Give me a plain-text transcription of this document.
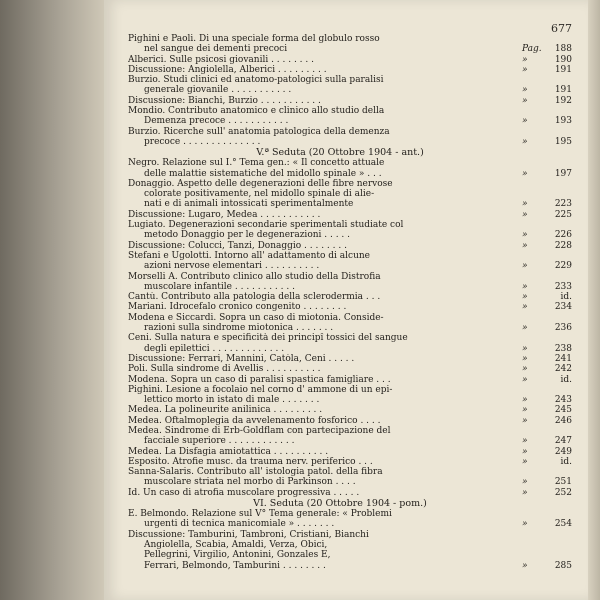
677
Pighini e Paoli. Di una speciale forma del globulo rosso
nel sangue dei dementi precoci	Pag.	188
Alberici. Sulle psicosi giovanili . . . . . . . .	»	190
Discussione: Angiolella, Alberici . . . . . . . . .	»	191
Burzio. Studi clinici ed anatomo-patologici sulla paralisi
generale giovanile . . . . . . . . . . .	»	191
Discussione: Bianchi, Burzio . . . . . . . . . . .	»	192
Mondio. Contributo anatomico e clinico allo studio della
Demenza precoce . . . . . . . . . . .	»	193
Burzio. Ricerche sull' anatomia patologica della demenza
precoce . . . . . . . . . . . . . .	»	195
V.ª Seduta (20 Ottobre 1904 - ant.)
Negro. Relazione sul I.° Tema gen.: « Il concetto attuale
delle malattie sistematiche del midollo spinale » . . .	»	197
Donaggio. Aspetto delle degenerazioni delle fibre nervose
colorate positivamente, nel midollo spinale di alie-
nati e di animali intossicati sperimentalmente	»	223
Discussione: Lugaro, Medea . . . . . . . . . . .	»	225
Lugiato. Degenerazioni secondarie sperimentali studiate col
metodo Donaggio per le degenerazioni . . . . .	»	226
Discussione: Colucci, Tanzi, Donaggio . . . . . . . .	»	228
Stefani e Ugolotti. Intorno all' adattamento di alcune
azioni nervose elementari . . . . . . . . . .	»	229
Morselli A. Contributo clinico allo studio della Distrofia
muscolare infantile . . . . . . . . . . .	»	233
Cantù. Contributo alla patologia della sclerodermia . . .	»	id.
Mariani. Idrocefalo cronico congenito . . . . . . . .	»	234
Modena e Siccardi. Sopra un caso di miotonia. Conside-
razioni sulla sindrome miotonica . . . . . . .	»	236
Ceni. Sulla natura e specificità dei principî tossici del sangue
degli epilettici . . . . . . . . . . . . .	»	238
Discussione: Ferrari, Mannini, Catòla, Ceni . . . . .	»	241
Poli. Sulla sindrome di Avellis . . . . . . . . . .	»	242
Modena. Sopra un caso di paralisi spastica famigliare . . .	»	id.
Pighini. Lesione a focolaio nel corno d' ammone di un epi-
lettico morto in istato di male . . . . . . .	»	243
Medea. La polineurite anilinica . . . . . . . . .	»	245
Medea. Oftalmoplegia da avvelenamento fosforico . . . .	»	246
Medea. Sindrome di Erb-Goldflam con partecipazione del
facciale superiore . . . . . . . . . . . .	»	247
Medea. La Disfagia amiotattica . . . . . . . . . .	»	249
Esposito. Atrofie musc. da trauma nerv. periferico . . .	»	id.
Sanna-Salaris. Contributo all' istologia patol. della fibra
muscolare striata nel morbo di Parkinson . . . .	»	251
Id. Un caso di atrofia muscolare progressiva . . . . .	»	252
VI. Seduta (20 Ottobre 1904 - pom.)
E. Belmondo. Relazione sul V° Tema generale: « Problemi
urgenti di tecnica manicomiale » . . . . . . .	»	254
Discussione: Tamburini, Tambroni, Cristiani, Bianchi
Angiolella, Scabia, Amaldi, Verza, Obici,
Pellegrini, Virgilio, Antonini, Gonzales E,
Ferrari, Belmondo, Tamburini . . . . . . . .	»	285
